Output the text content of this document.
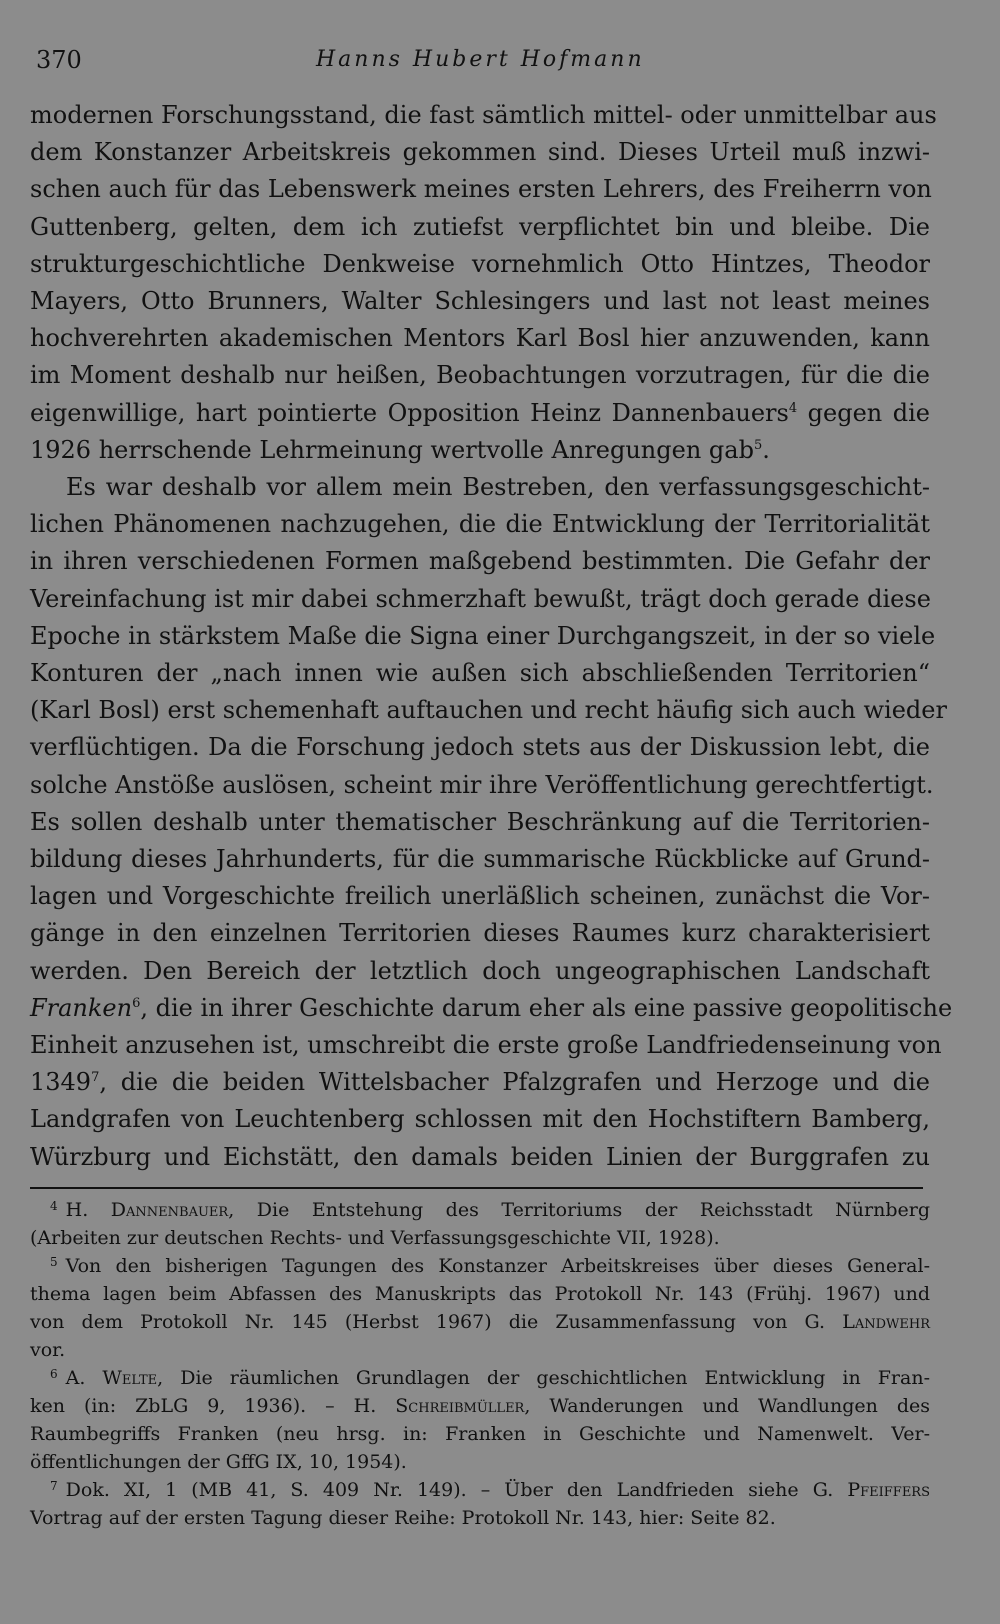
370	Hanns Hubert Hofmann
modernen Forschungsstand, die fast sämtlich mittel- oder unmittelbar aus
dem Konstanzer Arbeitskreis gekommen sind. Dieses Urteil muß inzwi-
schen auch für das Lebenswerk meines ersten Lehrers, des Freiherrn von
Guttenberg, gelten, dem ich zutiefst verpflichtet bin und bleibe. Die
strukturgeschichtliche Denkweise vornehmlich Otto Hintzes, Theodor
Mayers, Otto Brunners, Walter Schlesingers und last not least meines
hochverehrten akademischen Mentors Karl Bosl hier anzuwenden, kann
im Moment deshalb nur heißen, Beobachtungen vorzutragen, für die die
eigenwillige, hart pointierte Opposition Heinz Dannenbauers$^4$ gegen die
1926 herrschende Lehrmeinung wertvolle Anregungen gab$^5$.
Es war deshalb vor allem mein Bestreben, den verfassungsgeschicht-
lichen Phänomenen nachzugehen, die die Entwicklung der Territorialität
in ihren verschiedenen Formen maßgebend bestimmten. Die Gefahr der
Vereinfachung ist mir dabei schmerzhaft bewußt, trägt doch gerade diese
Epoche in stärkstem Maße die Signa einer Durchgangszeit, in der so viele
Konturen der „nach innen wie außen sich abschließenden Territorien“
(Karl Bosl) erst schemenhaft auftauchen und recht häufig sich auch wieder
verflüchtigen. Da die Forschung jedoch stets aus der Diskussion lebt, die
solche Anstöße auslösen, scheint mir ihre Veröffentlichung gerechtfertigt.
Es sollen deshalb unter thematischer Beschränkung auf die Territorien-
bildung dieses Jahrhunderts, für die summarische Rückblicke auf Grund-
lagen und Vorgeschichte freilich unerläßlich scheinen, zunächst die Vor-
gänge in den einzelnen Territorien dieses Raumes kurz charakterisiert
werden. Den Bereich der letztlich doch ungeographischen Landschaft
Franken$^6$, die in ihrer Geschichte darum eher als eine passive geopolitische
Einheit anzusehen ist, umschreibt die erste große Landfriedenseinung von
1349$^7$, die die beiden Wittelsbacher Pfalzgrafen und Herzoge und die
Landgrafen von Leuchtenberg schlossen mit den Hochstiftern Bamberg,
Würzburg und Eichstätt, den damals beiden Linien der Burggrafen zu
$^4$ H. Dannenbauer, Die Entstehung des Territoriums der Reichsstadt Nürnberg
(Arbeiten zur deutschen Rechts- und Verfassungsgeschichte VII, 1928).
$^5$ Von den bisherigen Tagungen des Konstanzer Arbeitskreises über dieses General-
thema lagen beim Abfassen des Manuskripts das Protokoll Nr. 143 (Frühj. 1967) und
von dem Protokoll Nr. 145 (Herbst 1967) die Zusammenfassung von G. Landwehr
vor.
$^6$ A. Welte, Die räumlichen Grundlagen der geschichtlichen Entwicklung in Fran-
ken (in: ZbLG 9, 1936). – H. Schreibmüller, Wanderungen und Wandlungen des
Raumbegriffs Franken (neu hrsg. in: Franken in Geschichte und Namenwelt. Ver-
öffentlichungen der GffG IX, 10, 1954).
$^7$ Dok. XI, 1 (MB 41, S. 409 Nr. 149). – Über den Landfrieden siehe G. Pfeiffers
Vortrag auf der ersten Tagung dieser Reihe: Protokoll Nr. 143, hier: Seite 82.
